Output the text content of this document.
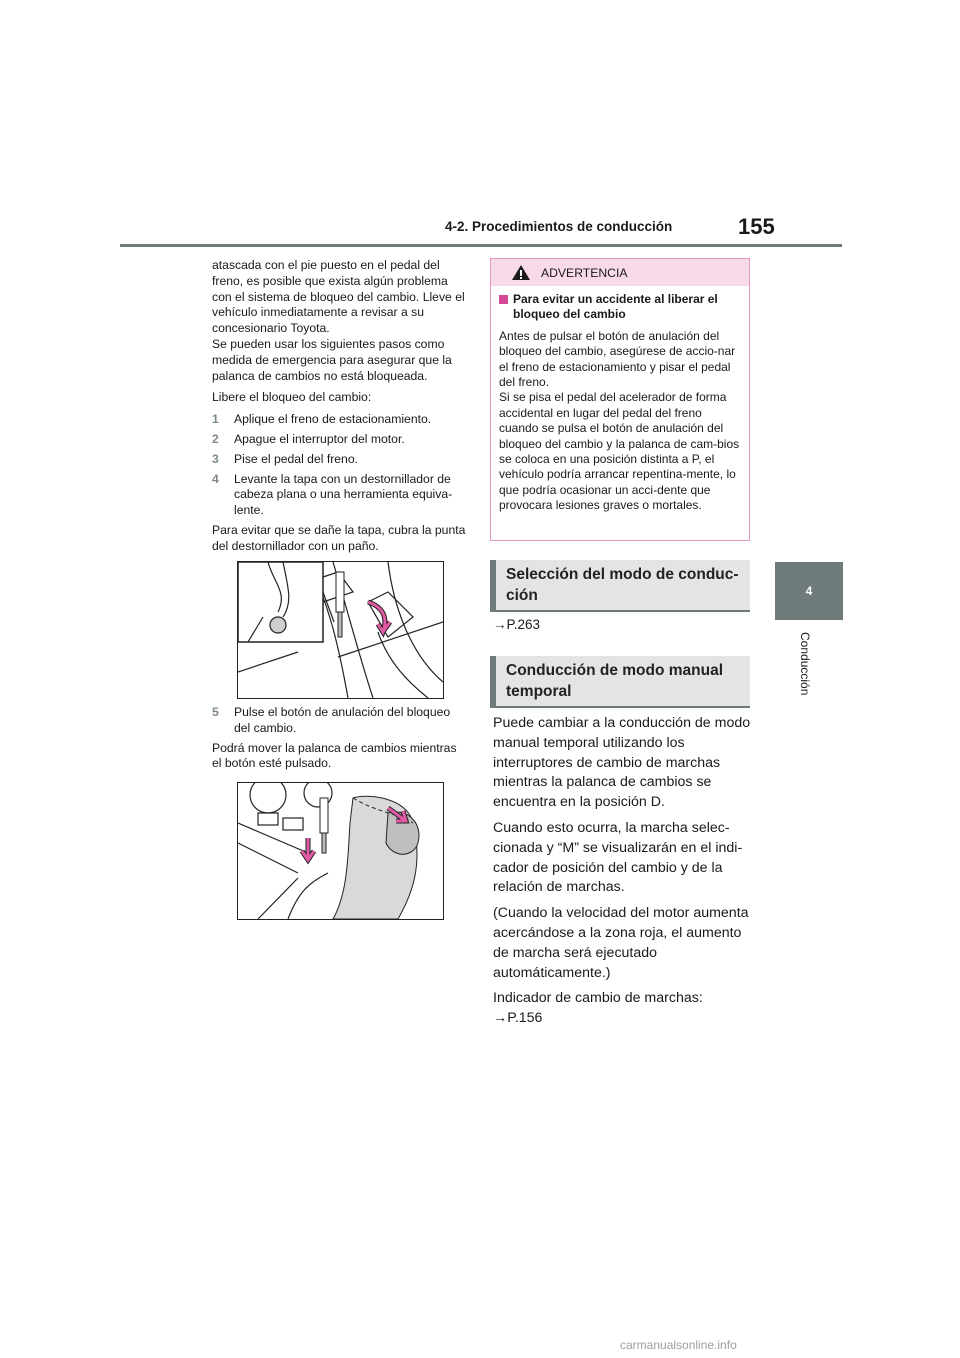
4-2. Procedimientos de conducción	155
4
Conducción

atascada con el pie puesto en el pedal del freno, es posible que exista algún problema con el sistema de bloqueo del cambio. Lleve el vehículo inmediatamente a revisar a su concesionario Toyota.
Se pueden usar los siguientes pasos como medida de emergencia para asegurar que la palanca de cambios no está bloqueada.

Libere el bloqueo del cambio:

1 Aplique el freno de estacionamiento.
2 Apague el interruptor del motor.
3 Pise el pedal del freno.
4 Levante la tapa con un destornillador de cabeza plana o una herramienta equiva-lente.

Para evitar que se dañe la tapa, cubra la punta del destornillador con un paño.

5 Pulse el botón de anulación del bloqueo del cambio.

Podrá mover la palanca de cambios mientras el botón esté pulsado.

ADVERTENCIA
Para evitar un accidente al liberar el bloqueo del cambio
Antes de pulsar el botón de anulación del bloqueo del cambio, asegúrese de accio-nar el freno de estacionamiento y pisar el pedal del freno.
Si se pisa el pedal del acelerador de forma accidental en lugar del pedal del freno cuando se pulsa el botón de anulación del bloqueo del cambio y la palanca de cam-bios se coloca en una posición distinta a P, el vehículo podría arrancar repentina-mente, lo que podría ocasionar un acci-dente que provocara lesiones graves o mortales.
Selección del modo de conduc-ción
→P.263
Conducción de modo manual temporal

Puede cambiar a la conducción de modo manual temporal utilizando los interruptores de cambio de marchas mientras la palanca de cambios se encuentra en la posición D.

Cuando esto ocurra, la marcha selec-cionada y “M” se visualizarán en el indi-cador de posición del cambio y de la relación de marchas.

(Cuando la velocidad del motor aumenta acercándose a la zona roja, el aumento de marcha será ejecutado automáticamente.)

Indicador de cambio de marchas:
→P.156

carmanualsonline.info
